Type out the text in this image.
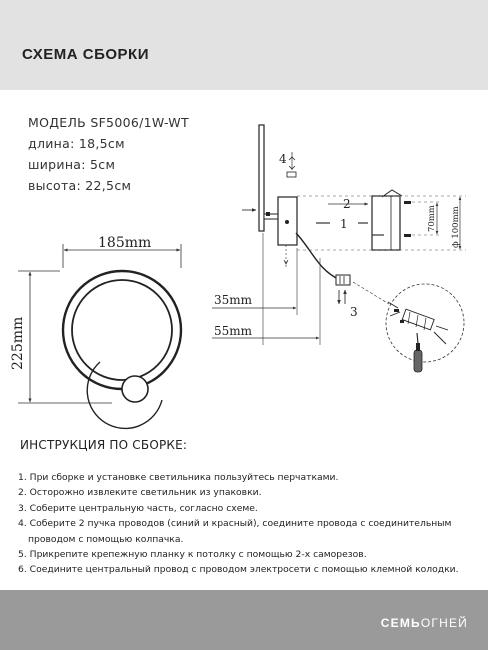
СХЕМА СБОРКИ
МОДЕЛЬ SF5006/1W-WT
длина: 18,5см
ширина: 5см
высота: 22,5см
185mm
225mm
35mm
55mm
70mm ф 100mm
4
2
1
3
ИНСТРУКЦИЯ ПО СБОРКЕ:
1. При сборке и установке светильника пользуйтесь перчатками.
2. Осторожно извлеките светильник из упаковки.
3. Соберите центральную часть, согласно схеме.
4. Соберите 2 пучка проводов (синий и красный), соедините провода с соединительным
проводом с помощью колпачка.
5. Прикрепите крепежную планку к потолку с помощью 2-х саморезов.
6. Соедините центральный провод с проводом электросети с помощью клемной колодки.
СЕМЬОГНЕЙ
